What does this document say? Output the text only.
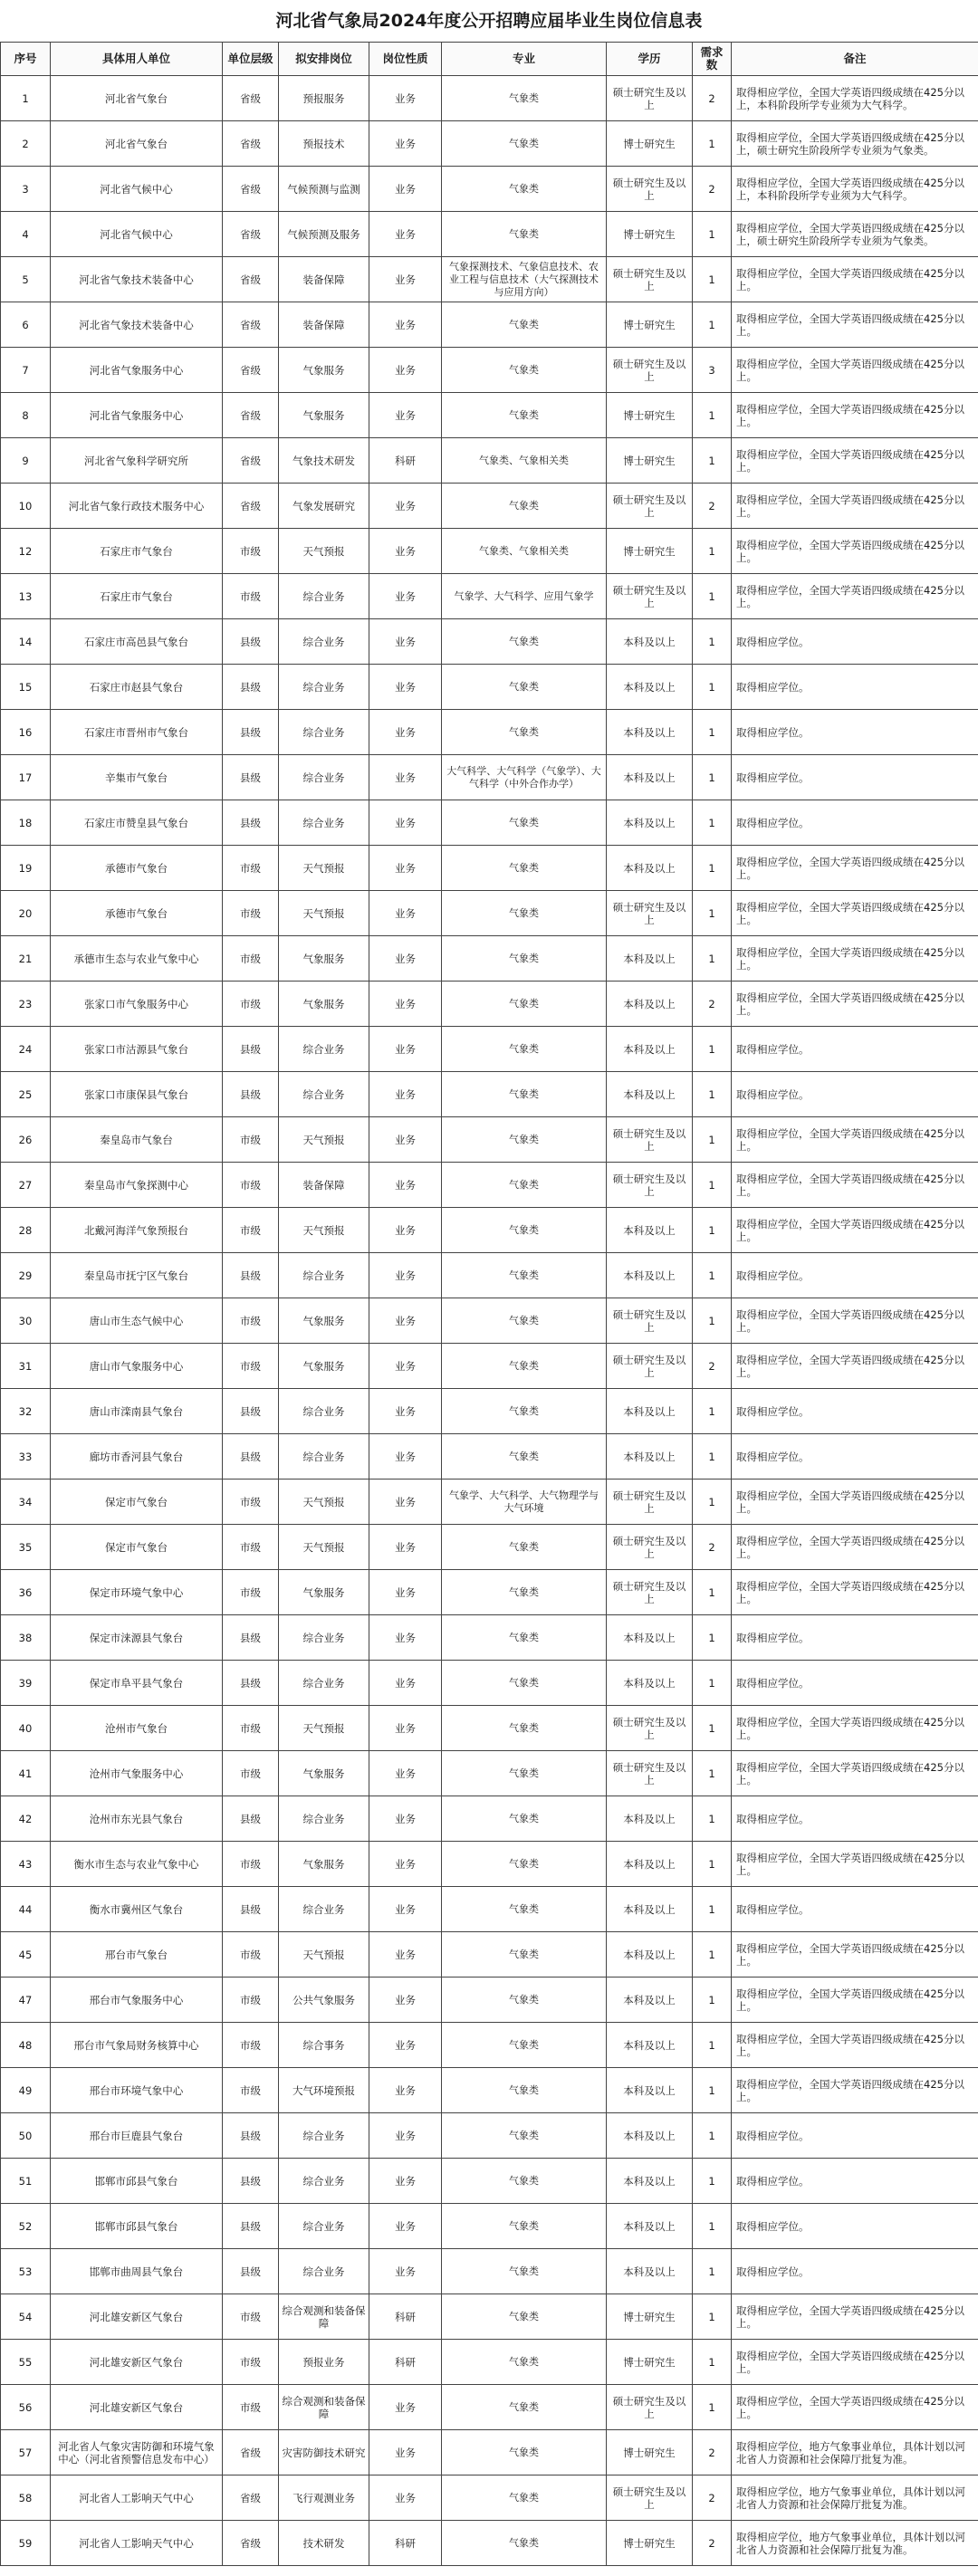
河北省气象局2024年度公开招聘应届毕业生岗位信息表
序号	具体用人单位	单位层级	拟安排岗位	岗位性质	专业	学历	需求数	备注
1	河北省气象台	省级	预报服务	业务	气象类	硕士研究生及以上	2	取得相应学位，全国大学英语四级成绩在425分以上，本科阶段所学专业须为大气科学。
2	河北省气象台	省级	预报技术	业务	气象类	博士研究生	1	取得相应学位，全国大学英语四级成绩在425分以上，硕士研究生阶段所学专业须为气象类。
3	河北省气候中心	省级	气候预测与监测	业务	气象类	硕士研究生及以上	2	取得相应学位，全国大学英语四级成绩在425分以上，本科阶段所学专业须为大气科学。
4	河北省气候中心	省级	气候预测及服务	业务	气象类	博士研究生	1	取得相应学位，全国大学英语四级成绩在425分以上，硕士研究生阶段所学专业须为气象类。
5	河北省气象技术装备中心	省级	装备保障	业务	气象探测技术、气象信息技术、农业工程与信息技术（大气探测技术与应用方向）	硕士研究生及以上	1	取得相应学位，全国大学英语四级成绩在425分以上。
6	河北省气象技术装备中心	省级	装备保障	业务	气象类	博士研究生	1	取得相应学位，全国大学英语四级成绩在425分以上。
7	河北省气象服务中心	省级	气象服务	业务	气象类	硕士研究生及以上	3	取得相应学位，全国大学英语四级成绩在425分以上。
8	河北省气象服务中心	省级	气象服务	业务	气象类	博士研究生	1	取得相应学位，全国大学英语四级成绩在425分以上。
9	河北省气象科学研究所	省级	气象技术研发	科研	气象类、气象相关类	博士研究生	1	取得相应学位，全国大学英语四级成绩在425分以上。
10	河北省气象行政技术服务中心	省级	气象发展研究	业务	气象类	硕士研究生及以上	2	取得相应学位，全国大学英语四级成绩在425分以上。
12	石家庄市气象台	市级	天气预报	业务	气象类、气象相关类	博士研究生	1	取得相应学位，全国大学英语四级成绩在425分以上。
13	石家庄市气象台	市级	综合业务	业务	气象学、大气科学、应用气象学	硕士研究生及以上	1	取得相应学位，全国大学英语四级成绩在425分以上。
14	石家庄市高邑县气象台	县级	综合业务	业务	气象类	本科及以上	1	取得相应学位。
15	石家庄市赵县气象台	县级	综合业务	业务	气象类	本科及以上	1	取得相应学位。
16	石家庄市晋州市气象台	县级	综合业务	业务	气象类	本科及以上	1	取得相应学位。
17	辛集市气象台	县级	综合业务	业务	大气科学、大气科学（气象学）、大气科学（中外合作办学）	本科及以上	1	取得相应学位。
18	石家庄市赞皇县气象台	县级	综合业务	业务	气象类	本科及以上	1	取得相应学位。
19	承德市气象台	市级	天气预报	业务	气象类	本科及以上	1	取得相应学位，全国大学英语四级成绩在425分以上。
20	承德市气象台	市级	天气预报	业务	气象类	硕士研究生及以上	1	取得相应学位，全国大学英语四级成绩在425分以上。
21	承德市生态与农业气象中心	市级	气象服务	业务	气象类	本科及以上	1	取得相应学位，全国大学英语四级成绩在425分以上。
23	张家口市气象服务中心	市级	气象服务	业务	气象类	本科及以上	2	取得相应学位，全国大学英语四级成绩在425分以上。
24	张家口市沽源县气象台	县级	综合业务	业务	气象类	本科及以上	1	取得相应学位。
25	张家口市康保县气象台	县级	综合业务	业务	气象类	本科及以上	1	取得相应学位。
26	秦皇岛市气象台	市级	天气预报	业务	气象类	硕士研究生及以上	1	取得相应学位，全国大学英语四级成绩在425分以上。
27	秦皇岛市气象探测中心	市级	装备保障	业务	气象类	硕士研究生及以上	1	取得相应学位，全国大学英语四级成绩在425分以上。
28	北戴河海洋气象预报台	市级	天气预报	业务	气象类	本科及以上	1	取得相应学位，全国大学英语四级成绩在425分以上。
29	秦皇岛市抚宁区气象台	县级	综合业务	业务	气象类	本科及以上	1	取得相应学位。
30	唐山市生态气候中心	市级	气象服务	业务	气象类	硕士研究生及以上	1	取得相应学位，全国大学英语四级成绩在425分以上。
31	唐山市气象服务中心	市级	气象服务	业务	气象类	硕士研究生及以上	2	取得相应学位，全国大学英语四级成绩在425分以上。
32	唐山市滦南县气象台	县级	综合业务	业务	气象类	本科及以上	1	取得相应学位。
33	廊坊市香河县气象台	县级	综合业务	业务	气象类	本科及以上	1	取得相应学位。
34	保定市气象台	市级	天气预报	业务	气象学、大气科学、大气物理学与大气环境	硕士研究生及以上	1	取得相应学位，全国大学英语四级成绩在425分以上。
35	保定市气象台	市级	天气预报	业务	气象类	硕士研究生及以上	2	取得相应学位，全国大学英语四级成绩在425分以上。
36	保定市环境气象中心	市级	气象服务	业务	气象类	硕士研究生及以上	1	取得相应学位，全国大学英语四级成绩在425分以上。
38	保定市涞源县气象台	县级	综合业务	业务	气象类	本科及以上	1	取得相应学位。
39	保定市阜平县气象台	县级	综合业务	业务	气象类	本科及以上	1	取得相应学位。
40	沧州市气象台	市级	天气预报	业务	气象类	硕士研究生及以上	1	取得相应学位，全国大学英语四级成绩在425分以上。
41	沧州市气象服务中心	市级	气象服务	业务	气象类	硕士研究生及以上	1	取得相应学位，全国大学英语四级成绩在425分以上。
42	沧州市东光县气象台	县级	综合业务	业务	气象类	本科及以上	1	取得相应学位。
43	衡水市生态与农业气象中心	市级	气象服务	业务	气象类	本科及以上	1	取得相应学位，全国大学英语四级成绩在425分以上。
44	衡水市冀州区气象台	县级	综合业务	业务	气象类	本科及以上	1	取得相应学位。
45	邢台市气象台	市级	天气预报	业务	气象类	本科及以上	1	取得相应学位，全国大学英语四级成绩在425分以上。
47	邢台市气象服务中心	市级	公共气象服务	业务	气象类	本科及以上	1	取得相应学位，全国大学英语四级成绩在425分以上。
48	邢台市气象局财务核算中心	市级	综合事务	业务	气象类	本科及以上	1	取得相应学位，全国大学英语四级成绩在425分以上。
49	邢台市环境气象中心	市级	大气环境预报	业务	气象类	本科及以上	1	取得相应学位，全国大学英语四级成绩在425分以上。
50	邢台市巨鹿县气象台	县级	综合业务	业务	气象类	本科及以上	1	取得相应学位。
51	邯郸市邱县气象台	县级	综合业务	业务	气象类	本科及以上	1	取得相应学位。
52	邯郸市邱县气象台	县级	综合业务	业务	气象类	本科及以上	1	取得相应学位。
53	邯郸市曲周县气象台	县级	综合业务	业务	气象类	本科及以上	1	取得相应学位。
54	河北雄安新区气象台	市级	综合观测和装备保障	科研	气象类	博士研究生	1	取得相应学位，全国大学英语四级成绩在425分以上。
55	河北雄安新区气象台	市级	预报业务	科研	气象类	博士研究生	1	取得相应学位，全国大学英语四级成绩在425分以上。
56	河北雄安新区气象台	市级	综合观测和装备保障	业务	气象类	硕士研究生及以上	1	取得相应学位，全国大学英语四级成绩在425分以上。
57	河北省人气象灾害防御和环境气象中心（河北省预警信息发布中心）	省级	灾害防御技术研究	业务	气象类	博士研究生	2	取得相应学位，地方气象事业单位，具体计划以河北省人力资源和社会保障厅批复为准。
58	河北省人工影响天气中心	省级	飞行观测业务	业务	气象类	硕士研究生及以上	2	取得相应学位，地方气象事业单位，具体计划以河北省人力资源和社会保障厅批复为准。
59	河北省人工影响天气中心	省级	技术研发	科研	气象类	博士研究生	2	取得相应学位，地方气象事业单位，具体计划以河北省人力资源和社会保障厅批复为准。
